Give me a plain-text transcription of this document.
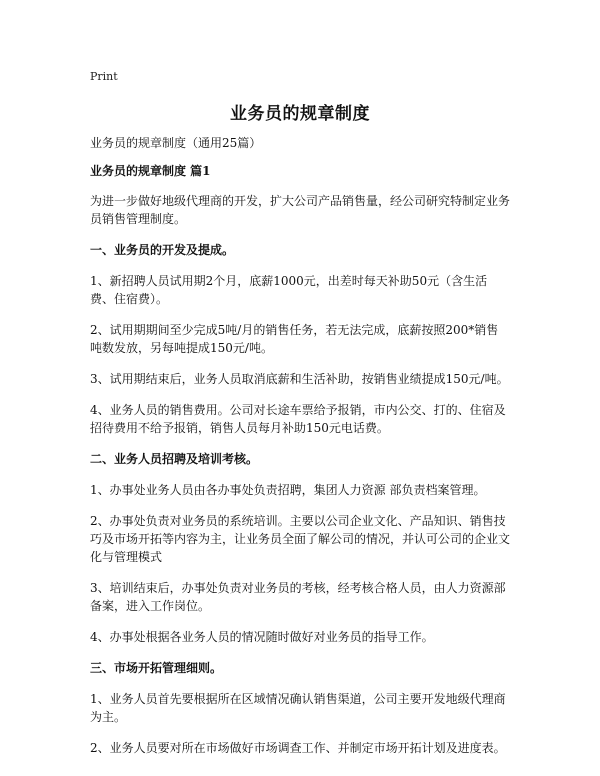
Print
业务员的规章制度

业务员的规章制度（通用25篇）

业务员的规章制度 篇1

为进一步做好地级代理商的开发，扩大公司产品销售量，经公司研究特制定业务员销售管理制度。

一、业务员的开发及提成。

1、新招聘人员试用期2个月，底薪1000元，出差时每天补助50元（含生活费、住宿费）。

2、试用期期间至少完成5吨/月的销售任务，若无法完成，底薪按照200*销售吨数发放，另每吨提成150元/吨。

3、试用期结束后，业务人员取消底薪和生活补助，按销售业绩提成150元/吨。

4、业务人员的销售费用。公司对长途车票给予报销，市内公交、打的、住宿及招待费用不给予报销，销售人员每月补助150元电话费。

二、业务人员招聘及培训考核。

1、办事处业务人员由各办事处负责招聘，集团人力资源 部负责档案管理。

2、办事处负责对业务员的系统培训。主要以公司企业文化、产品知识、销售技巧及市场开拓等内容为主，让业务员全面了解公司的情况，并认可公司的企业文化与管理模式

3、培训结束后，办事处负责对业务员的考核，经考核合格人员，由人力资源部备案，进入工作岗位。

4、办事处根据各业务人员的情况随时做好对业务员的指导工作。

三、市场开拓管理细则。

1、业务人员首先要根据所在区域情况确认销售渠道，公司主要开发地级代理商为主。

2、业务人员要对所在市场做好市场调查工作、并制定市场开拓计划及进度表。
